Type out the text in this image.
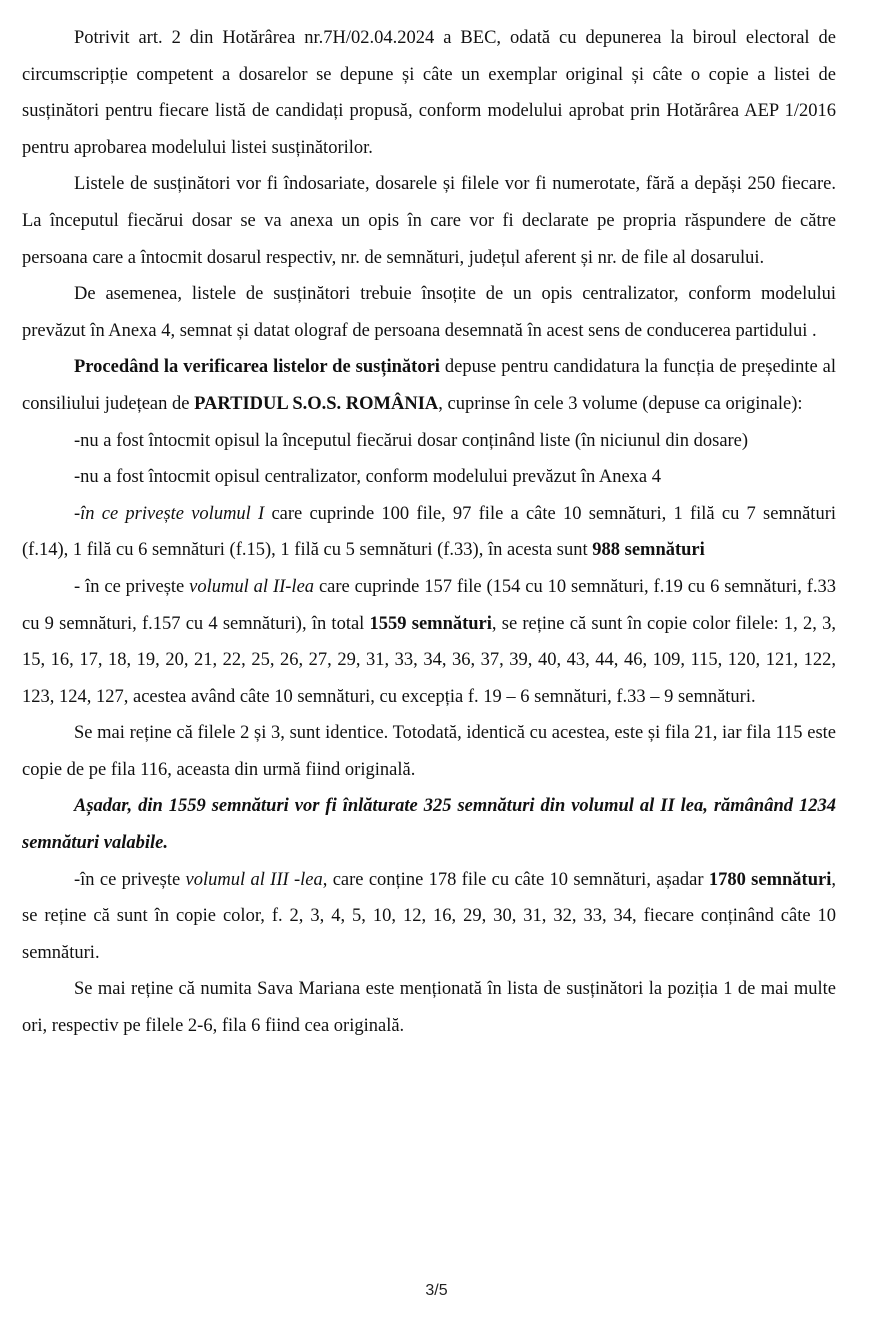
Potrivit art. 2 din Hotărârea nr.7H/02.04.2024 a BEC, odată cu depunerea la biroul electoral de circumscripție competent a dosarelor se depune și câte un exemplar original și câte o copie a listei de susținători pentru fiecare listă de candidați propusă, conform modelului aprobat prin Hotărârea AEP 1/2016 pentru aprobarea modelului listei susținătorilor.

Listele de susținători vor fi îndosariate, dosarele și filele vor fi numerotate, fără a depăși 250 fiecare. La începutul fiecărui dosar se va anexa un opis în care vor fi declarate pe propria răspundere de către persoana care a întocmit dosarul respectiv, nr. de semnături, județul aferent și nr. de file al dosarului.

De asemenea, listele de susținători trebuie însoțite de un opis centralizator, conform modelului prevăzut în Anexa 4, semnat și datat olograf de persoana desemnată în acest sens de conducerea partidului .

Procedând la verificarea listelor de susținători depuse pentru candidatura la funcția de președinte al consiliului județean de PARTIDUL S.O.S. ROMÂNIA, cuprinse în cele 3 volume (depuse ca originale):

-nu a fost întocmit opisul la începutul fiecărui dosar conținând liste (în niciunul din dosare)

-nu a fost întocmit opisul centralizator, conform modelului prevăzut în Anexa 4

-în ce privește volumul I care cuprinde 100 file, 97 file a câte 10 semnături, 1 filă cu 7 semnături (f.14), 1 filă cu 6 semnături (f.15), 1 filă cu 5 semnături (f.33), în acesta sunt 988 semnături

- în ce privește volumul al II-lea care cuprinde 157 file (154 cu 10 semnături, f.19 cu 6 semnături, f.33 cu 9 semnături, f.157 cu 4 semnături), în total 1559 semnături, se reține că sunt în copie color filele: 1, 2, 3, 15, 16, 17, 18, 19, 20, 21, 22, 25, 26, 27, 29, 31, 33, 34, 36, 37, 39, 40, 43, 44, 46, 109, 115, 120, 121, 122, 123, 124, 127, acestea având câte 10 semnături, cu excepția f. 19 – 6 semnături, f.33 – 9 semnături.

Se mai reține că filele 2 și 3, sunt identice. Totodată, identică cu acestea, este și fila 21, iar fila 115 este copie de pe fila 116, aceasta din urmă fiind originală.

Așadar, din 1559 semnături vor fi înlăturate 325 semnături din volumul al II lea, rămânând 1234 semnături valabile.

-în ce privește volumul al III -lea, care conține 178 file cu câte 10 semnături, așadar 1780 semnături, se reține că sunt în copie color, f. 2, 3, 4, 5, 10, 12, 16, 29, 30, 31, 32, 33, 34, fiecare conținând câte 10 semnături.

Se mai reține că numita Sava Mariana este menționată în lista de susținători la poziția 1 de mai multe ori, respectiv pe filele 2-6, fila 6 fiind cea originală.

3/5
